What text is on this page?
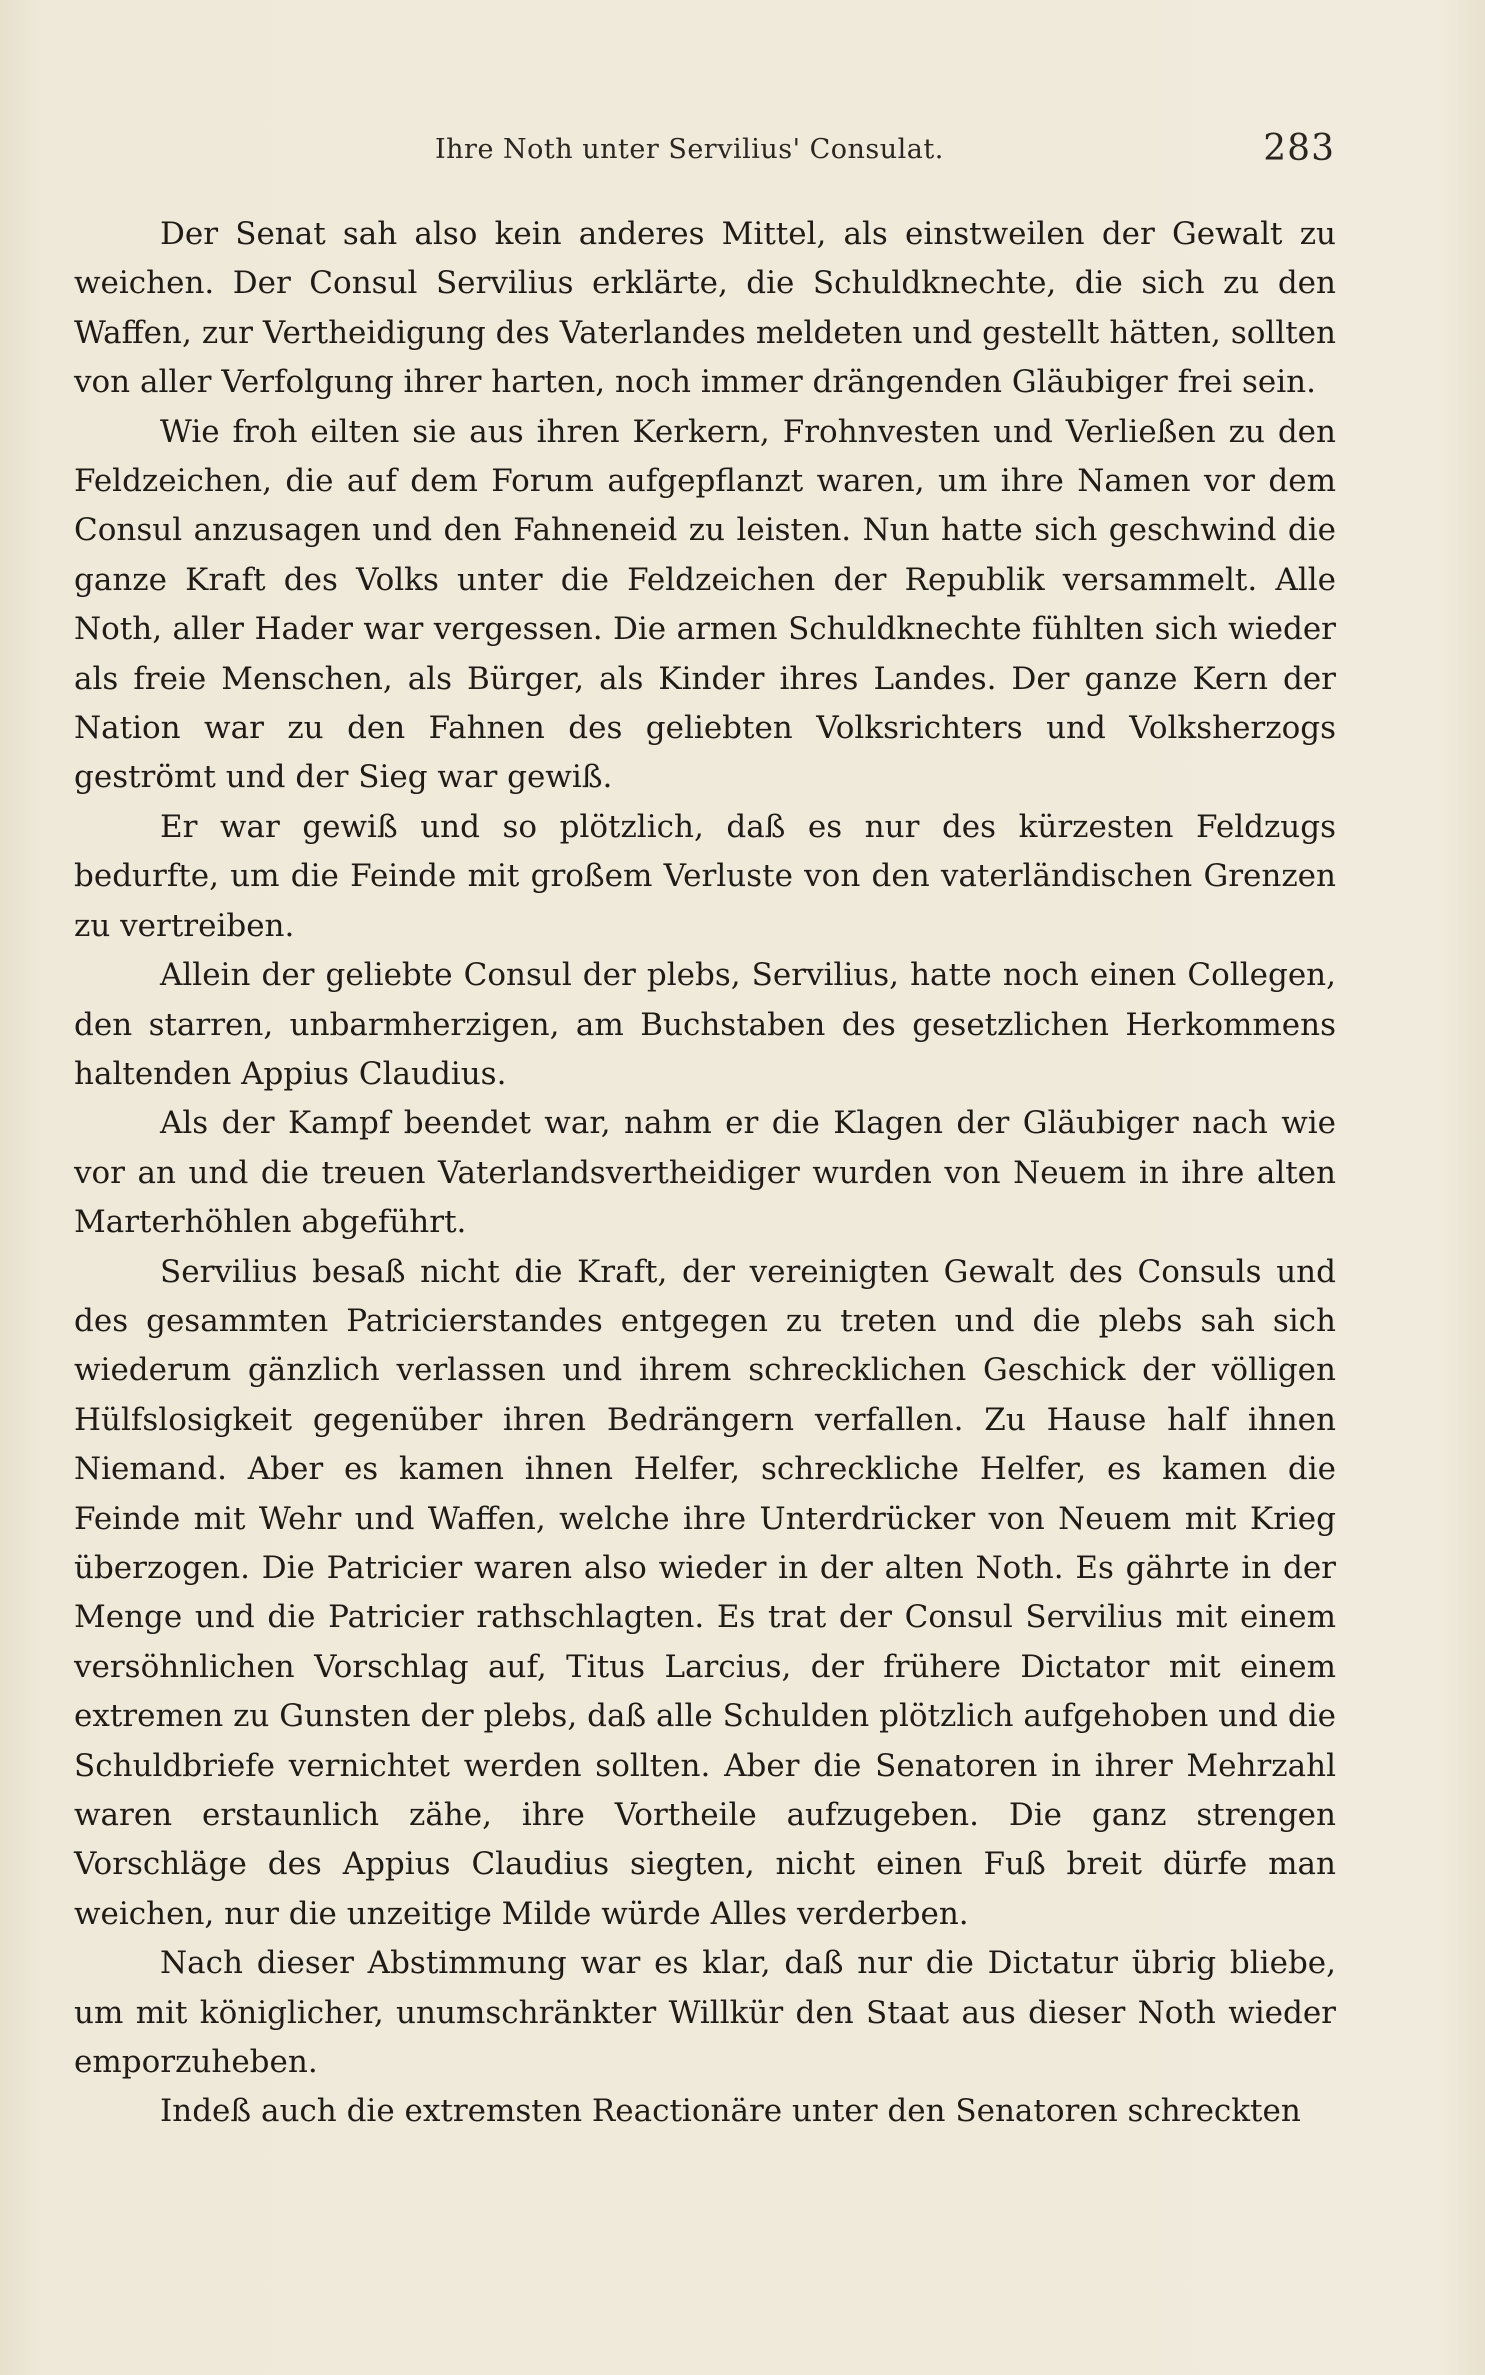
Ihre Noth unter Servilius' Consulat.	283

Der Senat sah also kein anderes Mittel, als einstweilen der Gewalt zu weichen. Der Consul Servilius erklärte, die Schuldknechte, die sich zu den Waffen, zur Vertheidigung des Vaterlandes meldeten und gestellt hätten, sollten von aller Verfolgung ihrer harten, noch immer drängenden Gläubiger frei sein.

Wie froh eilten sie aus ihren Kerkern, Frohnvesten und Verließen zu den Feldzeichen, die auf dem Forum aufgepflanzt waren, um ihre Namen vor dem Consul anzusagen und den Fahneneid zu leisten. Nun hatte sich geschwind die ganze Kraft des Volks unter die Feldzeichen der Republik versammelt. Alle Noth, aller Hader war vergessen. Die armen Schuldknechte fühlten sich wieder als freie Menschen, als Bürger, als Kinder ihres Landes. Der ganze Kern der Nation war zu den Fahnen des geliebten Volksrichters und Volksherzogs geströmt und der Sieg war gewiß.

Er war gewiß und so plötzlich, daß es nur des kürzesten Feldzugs bedurfte, um die Feinde mit großem Verluste von den vaterländischen Grenzen zu vertreiben.

Allein der geliebte Consul der plebs, Servilius, hatte noch einen Collegen, den starren, unbarmherzigen, am Buchstaben des gesetzlichen Herkommens haltenden Appius Claudius.

Als der Kampf beendet war, nahm er die Klagen der Gläubiger nach wie vor an und die treuen Vaterlandsvertheidiger wurden von Neuem in ihre alten Marterhöhlen abgeführt.

Servilius besaß nicht die Kraft, der vereinigten Gewalt des Consuls und des gesammten Patricierstandes entgegen zu treten und die plebs sah sich wiederum gänzlich verlassen und ihrem schrecklichen Geschick der völligen Hülfslosigkeit gegenüber ihren Bedrängern verfallen. Zu Hause half ihnen Niemand. Aber es kamen ihnen Helfer, schreckliche Helfer, es kamen die Feinde mit Wehr und Waffen, welche ihre Unterdrücker von Neuem mit Krieg überzogen. Die Patricier waren also wieder in der alten Noth. Es gährte in der Menge und die Patricier rathschlagten. Es trat der Consul Servilius mit einem versöhnlichen Vorschlag auf, Titus Larcius, der frühere Dictator mit einem extremen zu Gunsten der plebs, daß alle Schulden plötzlich aufgehoben und die Schuldbriefe vernichtet werden sollten. Aber die Senatoren in ihrer Mehrzahl waren erstaunlich zähe, ihre Vortheile aufzugeben. Die ganz strengen Vorschläge des Appius Claudius siegten, nicht einen Fuß breit dürfe man weichen, nur die unzeitige Milde würde Alles verderben.

Nach dieser Abstimmung war es klar, daß nur die Dictatur übrig bliebe, um mit königlicher, unumschränkter Willkür den Staat aus dieser Noth wieder emporzuheben.

Indeß auch die extremsten Reactionäre unter den Senatoren schreckten
